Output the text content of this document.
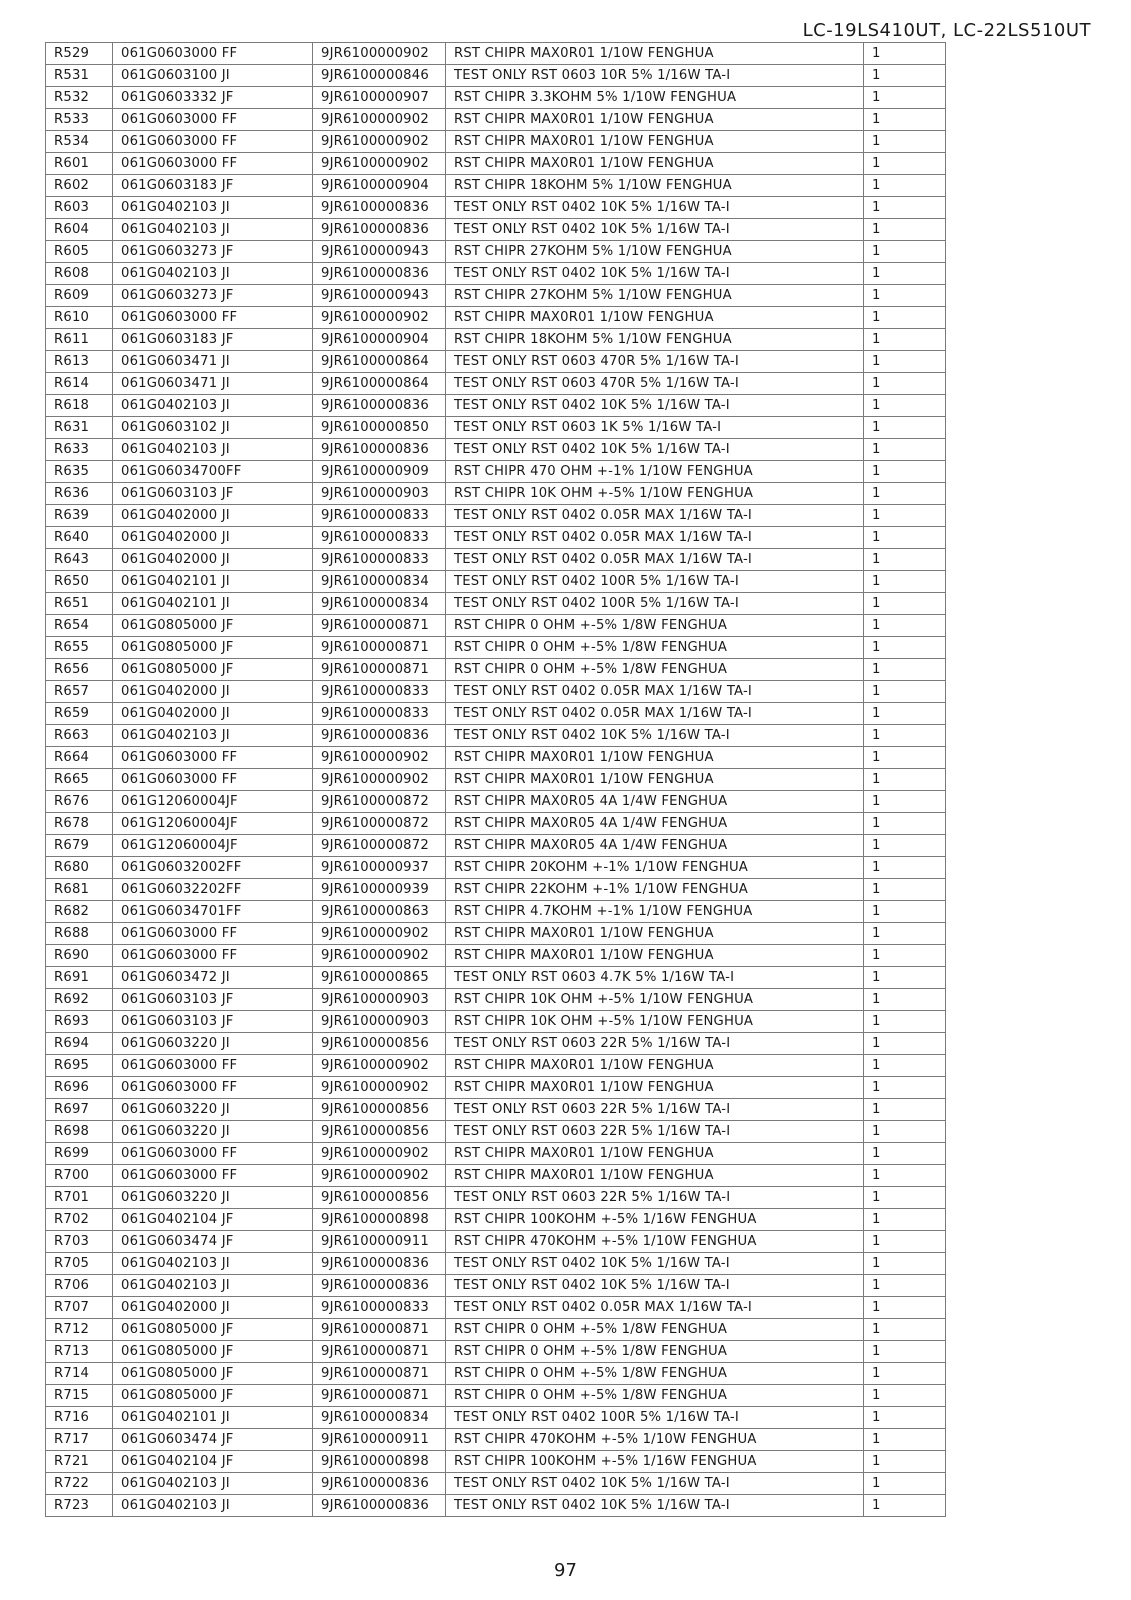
LC-19LS410UT, LC-22LS510UT
R529	061G0603000 FF	9JR6100000902	RST CHIPR MAX0R01 1/10W FENGHUA	1
R531	061G0603100 JI	9JR6100000846	TEST ONLY RST 0603 10R 5% 1/16W TA-I	1
R532	061G0603332 JF	9JR6100000907	RST CHIPR 3.3KOHM 5% 1/10W FENGHUA	1
R533	061G0603000 FF	9JR6100000902	RST CHIPR MAX0R01 1/10W FENGHUA	1
R534	061G0603000 FF	9JR6100000902	RST CHIPR MAX0R01 1/10W FENGHUA	1
R601	061G0603000 FF	9JR6100000902	RST CHIPR MAX0R01 1/10W FENGHUA	1
R602	061G0603183 JF	9JR6100000904	RST CHIPR 18KOHM 5% 1/10W FENGHUA	1
R603	061G0402103 JI	9JR6100000836	TEST ONLY RST 0402 10K 5% 1/16W TA-I	1
R604	061G0402103 JI	9JR6100000836	TEST ONLY RST 0402 10K 5% 1/16W TA-I	1
R605	061G0603273 JF	9JR6100000943	RST CHIPR 27KOHM 5% 1/10W FENGHUA	1
R608	061G0402103 JI	9JR6100000836	TEST ONLY RST 0402 10K 5% 1/16W TA-I	1
R609	061G0603273 JF	9JR6100000943	RST CHIPR 27KOHM 5% 1/10W FENGHUA	1
R610	061G0603000 FF	9JR6100000902	RST CHIPR MAX0R01 1/10W FENGHUA	1
R611	061G0603183 JF	9JR6100000904	RST CHIPR 18KOHM 5% 1/10W FENGHUA	1
R613	061G0603471 JI	9JR6100000864	TEST ONLY RST 0603 470R 5% 1/16W TA-I	1
R614	061G0603471 JI	9JR6100000864	TEST ONLY RST 0603 470R 5% 1/16W TA-I	1
R618	061G0402103 JI	9JR6100000836	TEST ONLY RST 0402 10K 5% 1/16W TA-I	1
R631	061G0603102 JI	9JR6100000850	TEST ONLY RST 0603 1K 5% 1/16W TA-I	1
R633	061G0402103 JI	9JR6100000836	TEST ONLY RST 0402 10K 5% 1/16W TA-I	1
R635	061G06034700FF	9JR6100000909	RST CHIPR 470 OHM +-1% 1/10W FENGHUA	1
R636	061G0603103 JF	9JR6100000903	RST CHIPR 10K OHM +-5% 1/10W FENGHUA	1
R639	061G0402000 JI	9JR6100000833	TEST ONLY RST 0402 0.05R MAX 1/16W TA-I	1
R640	061G0402000 JI	9JR6100000833	TEST ONLY RST 0402 0.05R MAX 1/16W TA-I	1
R643	061G0402000 JI	9JR6100000833	TEST ONLY RST 0402 0.05R MAX 1/16W TA-I	1
R650	061G0402101 JI	9JR6100000834	TEST ONLY RST 0402 100R 5% 1/16W TA-I	1
R651	061G0402101 JI	9JR6100000834	TEST ONLY RST 0402 100R 5% 1/16W TA-I	1
R654	061G0805000 JF	9JR6100000871	RST CHIPR 0 OHM +-5% 1/8W FENGHUA	1
R655	061G0805000 JF	9JR6100000871	RST CHIPR 0 OHM +-5% 1/8W FENGHUA	1
R656	061G0805000 JF	9JR6100000871	RST CHIPR 0 OHM +-5% 1/8W FENGHUA	1
R657	061G0402000 JI	9JR6100000833	TEST ONLY RST 0402 0.05R MAX 1/16W TA-I	1
R659	061G0402000 JI	9JR6100000833	TEST ONLY RST 0402 0.05R MAX 1/16W TA-I	1
R663	061G0402103 JI	9JR6100000836	TEST ONLY RST 0402 10K 5% 1/16W TA-I	1
R664	061G0603000 FF	9JR6100000902	RST CHIPR MAX0R01 1/10W FENGHUA	1
R665	061G0603000 FF	9JR6100000902	RST CHIPR MAX0R01 1/10W FENGHUA	1
R676	061G12060004JF	9JR6100000872	RST CHIPR MAX0R05 4A 1/4W FENGHUA	1
R678	061G12060004JF	9JR6100000872	RST CHIPR MAX0R05 4A 1/4W FENGHUA	1
R679	061G12060004JF	9JR6100000872	RST CHIPR MAX0R05 4A 1/4W FENGHUA	1
R680	061G06032002FF	9JR6100000937	RST CHIPR 20KOHM +-1% 1/10W FENGHUA	1
R681	061G06032202FF	9JR6100000939	RST CHIPR 22KOHM +-1% 1/10W FENGHUA	1
R682	061G06034701FF	9JR6100000863	RST CHIPR 4.7KOHM +-1% 1/10W FENGHUA	1
R688	061G0603000 FF	9JR6100000902	RST CHIPR MAX0R01 1/10W FENGHUA	1
R690	061G0603000 FF	9JR6100000902	RST CHIPR MAX0R01 1/10W FENGHUA	1
R691	061G0603472 JI	9JR6100000865	TEST ONLY RST 0603 4.7K 5% 1/16W TA-I	1
R692	061G0603103 JF	9JR6100000903	RST CHIPR 10K OHM +-5% 1/10W FENGHUA	1
R693	061G0603103 JF	9JR6100000903	RST CHIPR 10K OHM +-5% 1/10W FENGHUA	1
R694	061G0603220 JI	9JR6100000856	TEST ONLY RST 0603 22R 5% 1/16W TA-I	1
R695	061G0603000 FF	9JR6100000902	RST CHIPR MAX0R01 1/10W FENGHUA	1
R696	061G0603000 FF	9JR6100000902	RST CHIPR MAX0R01 1/10W FENGHUA	1
R697	061G0603220 JI	9JR6100000856	TEST ONLY RST 0603 22R 5% 1/16W TA-I	1
R698	061G0603220 JI	9JR6100000856	TEST ONLY RST 0603 22R 5% 1/16W TA-I	1
R699	061G0603000 FF	9JR6100000902	RST CHIPR MAX0R01 1/10W FENGHUA	1
R700	061G0603000 FF	9JR6100000902	RST CHIPR MAX0R01 1/10W FENGHUA	1
R701	061G0603220 JI	9JR6100000856	TEST ONLY RST 0603 22R 5% 1/16W TA-I	1
R702	061G0402104 JF	9JR6100000898	RST CHIPR 100KOHM +-5% 1/16W FENGHUA	1
R703	061G0603474 JF	9JR6100000911	RST CHIPR 470KOHM +-5% 1/10W FENGHUA	1
R705	061G0402103 JI	9JR6100000836	TEST ONLY RST 0402 10K 5% 1/16W TA-I	1
R706	061G0402103 JI	9JR6100000836	TEST ONLY RST 0402 10K 5% 1/16W TA-I	1
R707	061G0402000 JI	9JR6100000833	TEST ONLY RST 0402 0.05R MAX 1/16W TA-I	1
R712	061G0805000 JF	9JR6100000871	RST CHIPR 0 OHM +-5% 1/8W FENGHUA	1
R713	061G0805000 JF	9JR6100000871	RST CHIPR 0 OHM +-5% 1/8W FENGHUA	1
R714	061G0805000 JF	9JR6100000871	RST CHIPR 0 OHM +-5% 1/8W FENGHUA	1
R715	061G0805000 JF	9JR6100000871	RST CHIPR 0 OHM +-5% 1/8W FENGHUA	1
R716	061G0402101 JI	9JR6100000834	TEST ONLY RST 0402 100R 5% 1/16W TA-I	1
R717	061G0603474 JF	9JR6100000911	RST CHIPR 470KOHM +-5% 1/10W FENGHUA	1
R721	061G0402104 JF	9JR6100000898	RST CHIPR 100KOHM +-5% 1/16W FENGHUA	1
R722	061G0402103 JI	9JR6100000836	TEST ONLY RST 0402 10K 5% 1/16W TA-I	1
R723	061G0402103 JI	9JR6100000836	TEST ONLY RST 0402 10K 5% 1/16W TA-I	1
97
